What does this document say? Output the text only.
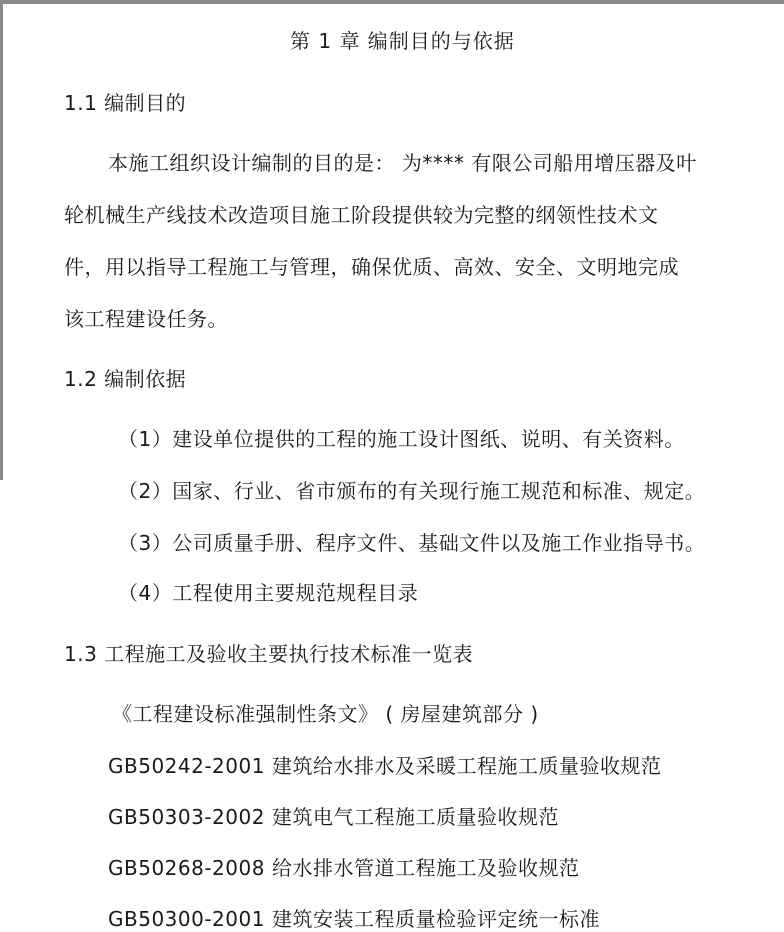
第 1 章 编制目的与依据
1.1 编制目的
本施工组织设计编制的目的是： 为**** 有限公司船用增压器及叶
轮机械生产线技术改造项目施工阶段提供较为完整的纲领性技术文
件，用以指导工程施工与管理，确保优质、高效、安全、文明地完成
该工程建设任务。
1.2 编制依据
（1）建设单位提供的工程的施工设计图纸、说明、有关资料。
（2）国家、行业、省市颁布的有关现行施工规范和标准、规定。
（3）公司质量手册、程序文件、基础文件以及施工作业指导书。
（4）工程使用主要规范规程目录
1.3 工程施工及验收主要执行技术标准一览表
《工程建设标准强制性条文》 ( 房屋建筑部分 )
GB50242-2001 建筑给水排水及采暖工程施工质量验收规范
GB50303-2002 建筑电气工程施工质量验收规范
GB50268-2008 给水排水管道工程施工及验收规范
GB50300-2001 建筑安装工程质量检验评定统一标准
